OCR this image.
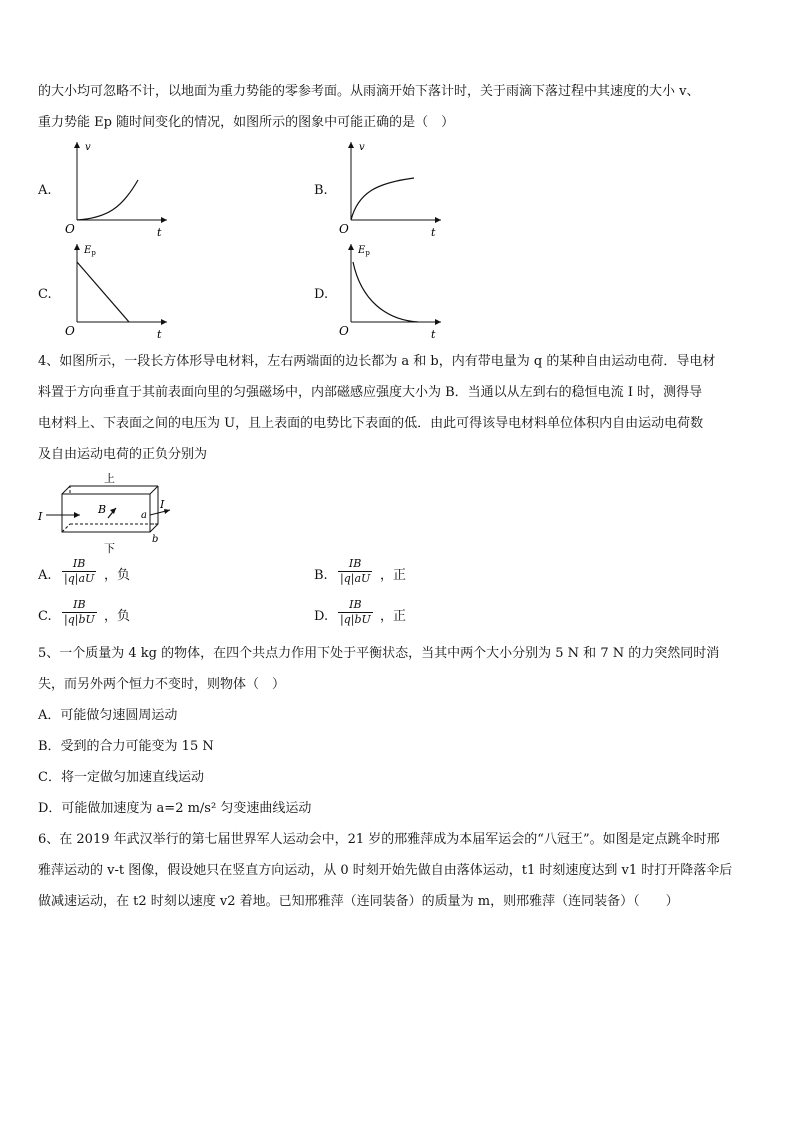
的大小均可忽略不计，以地面为重力势能的零参考面。从雨滴开始下落计时，关于雨滴下落过程中其速度的大小 v、
重力势能 Ep 随时间变化的情况，如图所示的图象中可能正确的是（　）
A.
v
O	t
B.
v
O	t
C.
$E_p$
O	t
D.
$E_p$
O	t
4、如图所示，一段长方体形导电材料，左右两端面的边长都为 a 和 b，内有带电量为 q 的某种自由运动电荷．导电材
料置于方向垂直于其前表面向里的匀强磁场中，内部磁感应强度大小为 B．当通以从左到右的稳恒电流 I 时，测得导
电材料上、下表面之间的电压为 U，且上表面的电势比下表面的低．由此可得该导电材料单位体积内自由运动电荷数
及自由运动电荷的正负分别为
B
上
下
I
I
a
b
A. $\frac{IB}{|q|aU}$ ，负	B. $\frac{IB}{|q|aU}$ ，正
C. $\frac{IB}{|q|bU}$ ，负	D. $\frac{IB}{|q|bU}$ ，正
5、一个质量为 4 kg 的物体，在四个共点力作用下处于平衡状态，当其中两个大小分别为 5 N 和 7 N 的力突然同时消
失，而另外两个恒力不变时，则物体（　）
A．可能做匀速圆周运动
B．受到的合力可能变为 15 N
C．将一定做匀加速直线运动
D．可能做加速度为 a=2 m/s² 匀变速曲线运动
6、在 2019 年武汉举行的第七届世界军人运动会中，21 岁的邢雅萍成为本届军运会的“八冠王”。如图是定点跳伞时邢
雅萍运动的 v-t 图像，假设她只在竖直方向运动，从 0 时刻开始先做自由落体运动，t1 时刻速度达到 v1 时打开降落伞后
做减速运动，在 t2 时刻以速度 v2 着地。已知邢雅萍（连同装备）的质量为 m，则邢雅萍（连同装备）（　　）
